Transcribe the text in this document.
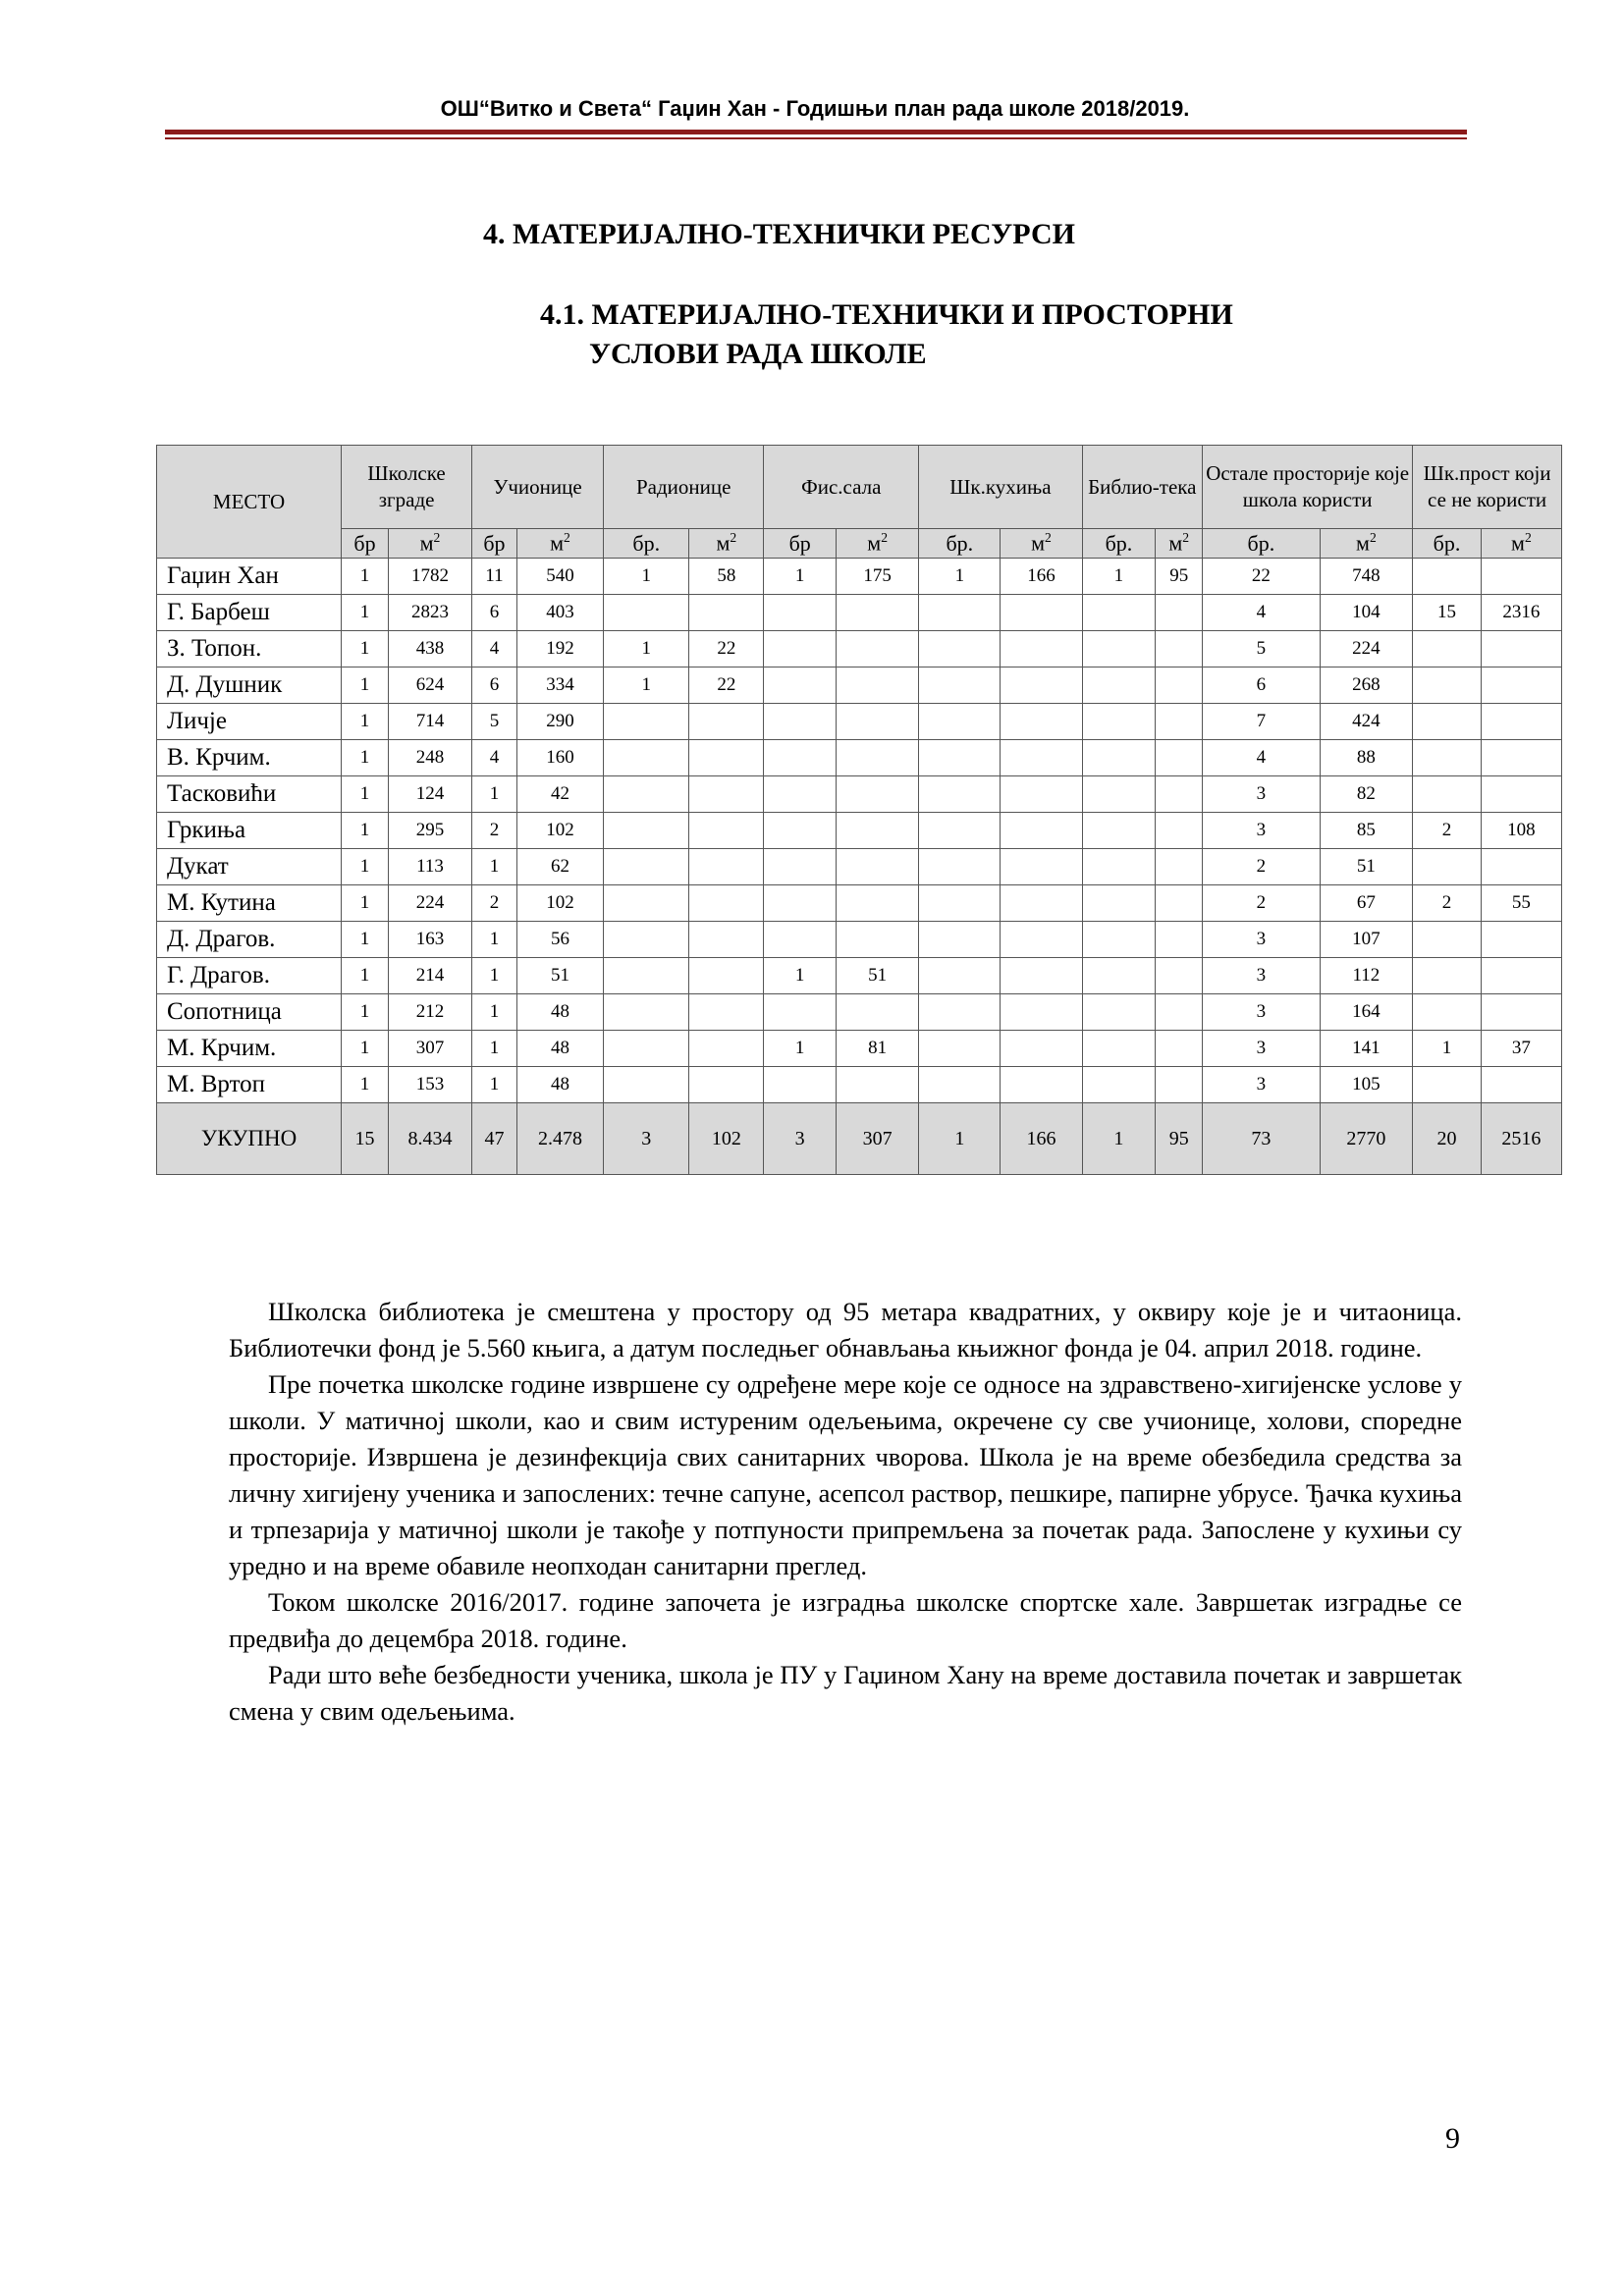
ОШ“Витко и Света“ Гаџин Хан - Годишњи план рада школе 2018/2019.
4. МАТЕРИЈАЛНО-ТЕХНИЧКИ РЕСУРСИ
4.1. МАТЕРИЈАЛНО-ТЕХНИЧКИ И ПРОСТОРНИ
УСЛОВИ РАДА ШКОЛЕ
МЕСТО	Школске зграде		Учионице		Радионице		Фис.сала		Шк.кухиња		Библио-тека		Остале просторије које школа користи		Шк.прост који се не користи	
	бр	$м^2$	бр	$м^2$	бр.	$м^2$	бр	$м^2$	бр.	$м^2$	бр.	$м^2$	бр.	$м^2$	бр.	$м^2$
Гаџин Хан	1	1782	11	540	1	58	1	175	1	166	1	95	22	748		
Г. Барбеш	1	2823	6	403									4	104	15	2316
З. Топон.	1	438	4	192	1	22							5	224		
Д. Душник	1	624	6	334	1	22							6	268		
Личје	1	714	5	290									7	424		
В. Крчим.	1	248	4	160									4	88		
Тасковићи	1	124	1	42									3	82		
Гркиња	1	295	2	102									3	85	2	108
Дукат	1	113	1	62									2	51		
М. Кутина	1	224	2	102									2	67	2	55
Д. Драгов.	1	163	1	56									3	107		
Г. Драгов.	1	214	1	51			1	51					3	112		
Сопотница	1	212	1	48									3	164		
М. Крчим.	1	307	1	48			1	81					3	141	1	37
М. Вртоп	1	153	1	48									3	105		
УКУПНО	15	8.434	47	2.478	3	102	3	307	1	166	1	95	73	2770	20	2516

Школска библиотека је смештена у простору од 95 метара квадратних, у оквиру које је и читаоница. Библиотечки фонд је 5.560 књига, а датум последњег обнављања књижног фонда је 04. април 2018. године.

Пре почетка школске године извршене су одређене мере које се односе на здравствено-хигијенске услове у школи. У матичној школи, као и свим истуреним одељењима, окречене су све учионице, холови, споредне просторије. Извршена је дезинфекција свих санитарних чворова. Школа је на време обезбедила средства за личну хигијену ученика и запослених: течне сапуне, асепсол раствор, пешкире, папирне убрусе. Ђачка кухиња и трпезарија у матичној школи је такође у потпуности припремљена за почетак рада. Запослене у кухињи су уредно и на време обавиле неопходан санитарни преглед.

Током школске 2016/2017. године започета је изградња школске спортске хале. Завршетак изградње се предвиђа до децембра 2018. године.

Ради што веће безбедности ученика, школа је ПУ у Гаџином Хану на време доставила почетак и завршетак смена у свим одељењима.

9
